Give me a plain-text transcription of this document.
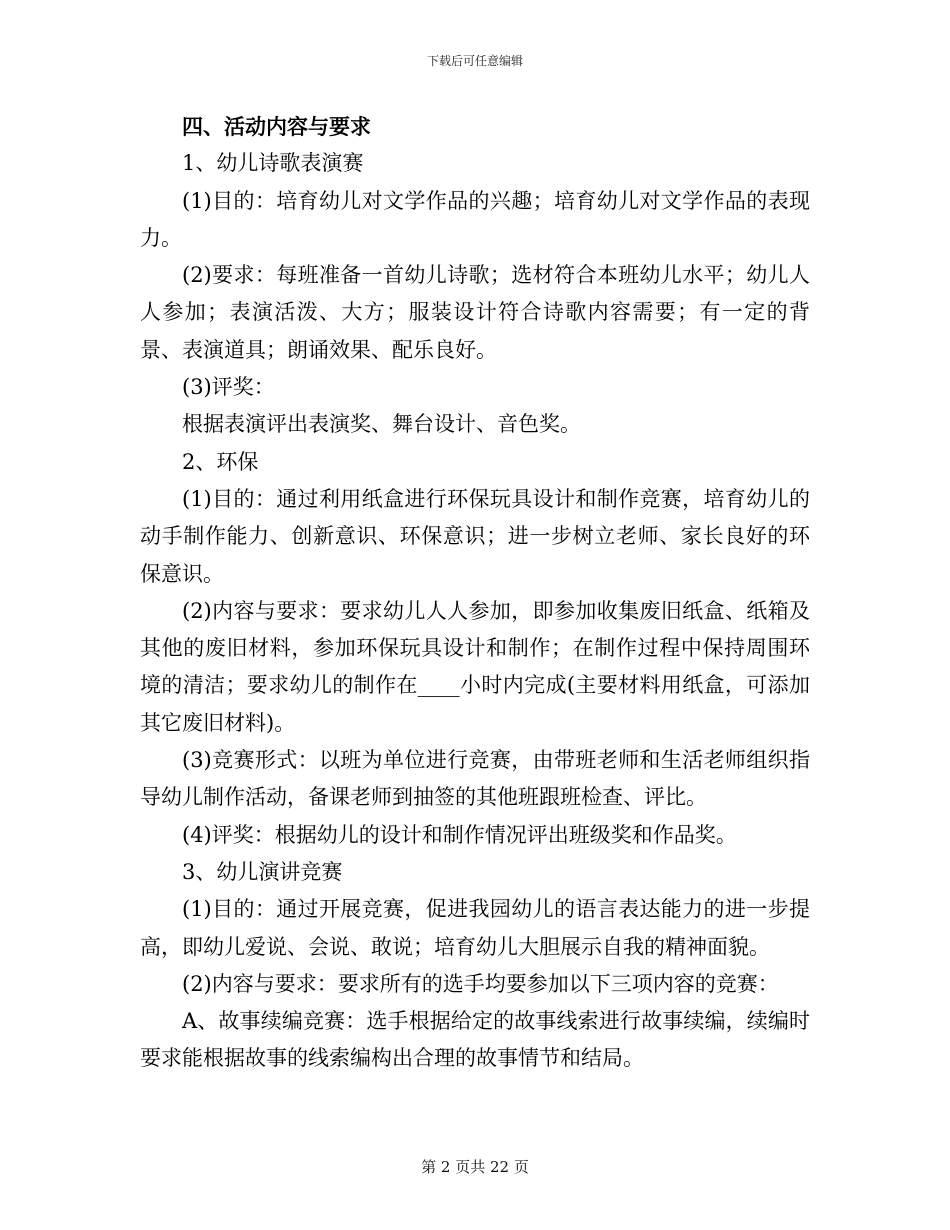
下载后可任意编辑

四、活动内容与要求

1、幼儿诗歌表演赛

(1)目的：培育幼儿对文学作品的兴趣；培育幼儿对文学作品的表现力。

(2)要求：每班准备一首幼儿诗歌；选材符合本班幼儿水平；幼儿人人参加；表演活泼、大方；服装设计符合诗歌内容需要；有一定的背景、表演道具；朗诵效果、配乐良好。

(3)评奖：

根据表演评出表演奖、舞台设计、音色奖。

2、环保

(1)目的：通过利用纸盒进行环保玩具设计和制作竞赛，培育幼儿的动手制作能力、创新意识、环保意识；进一步树立老师、家长良好的环保意识。

(2)内容与要求：要求幼儿人人参加，即参加收集废旧纸盒、纸箱及其他的废旧材料，参加环保玩具设计和制作；在制作过程中保持周围环境的清洁；要求幼儿的制作在____小时内完成(主要材料用纸盒，可添加其它废旧材料)。

(3)竞赛形式：以班为单位进行竞赛，由带班老师和生活老师组织指导幼儿制作活动，备课老师到抽签的其他班跟班检查、评比。

(4)评奖：根据幼儿的设计和制作情况评出班级奖和作品奖。

3、幼儿演讲竞赛

(1)目的：通过开展竞赛，促进我园幼儿的语言表达能力的进一步提高，即幼儿爱说、会说、敢说；培育幼儿大胆展示自我的精神面貌。

(2)内容与要求：要求所有的选手均要参加以下三项内容的竞赛：

A、故事续编竞赛：选手根据给定的故事线索进行故事续编，续编时要求能根据故事的线索编构出合理的故事情节和结局。

第 2 页共 22 页
